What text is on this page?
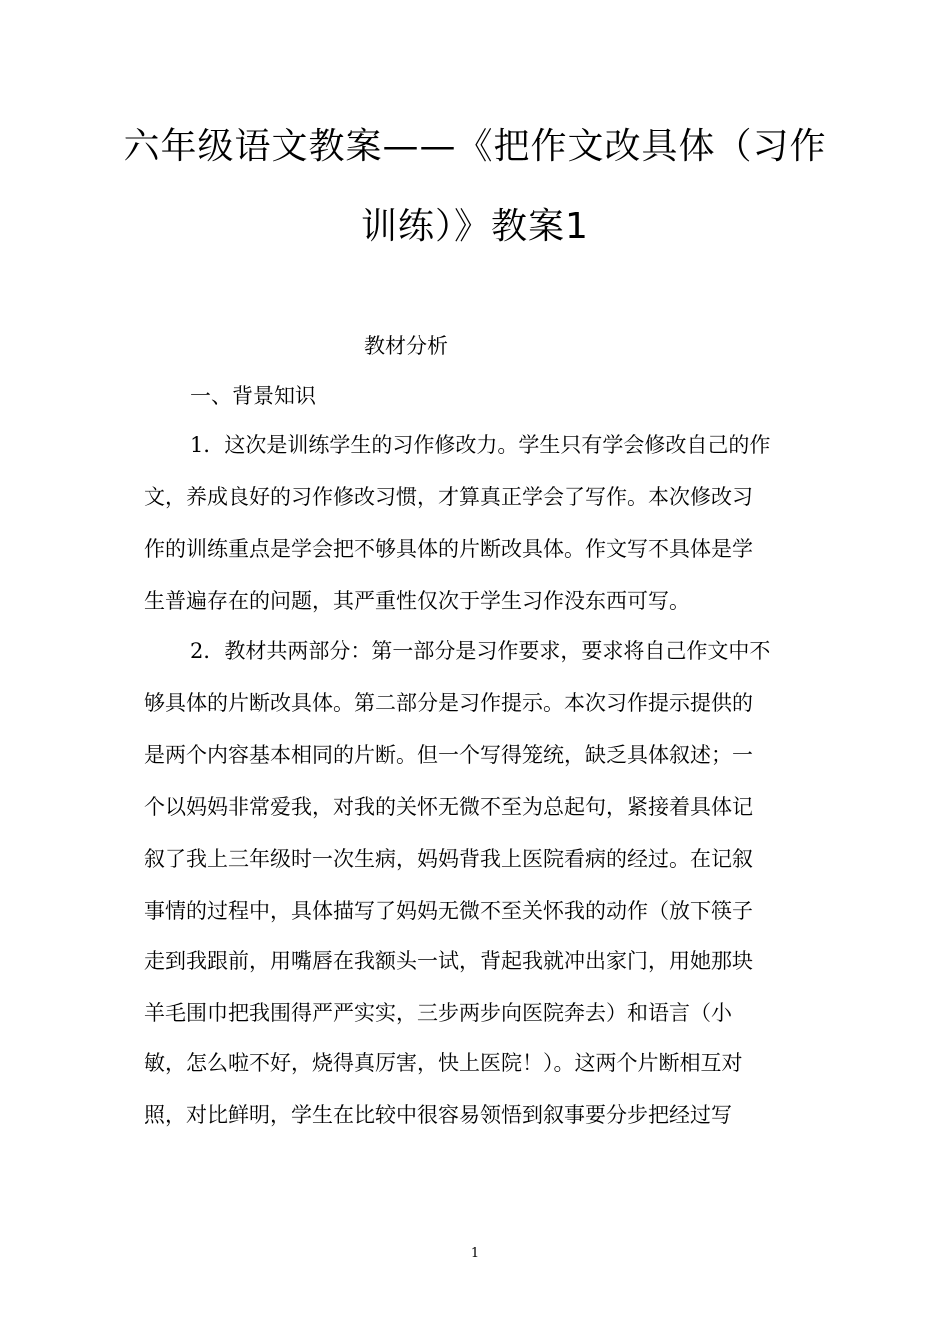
六年级语文教案——《把作文改具体（习作
训练）》教案1
教材分析
一、背景知识
1．这次是训练学生的习作修改力。学生只有学会修改自己的作
文，养成良好的习作修改习惯，才算真正学会了写作。本次修改习
作的训练重点是学会把不够具体的片断改具体。作文写不具体是学
生普遍存在的问题，其严重性仅次于学生习作没东西可写。
2．教材共两部分：第一部分是习作要求，要求将自己作文中不
够具体的片断改具体。第二部分是习作提示。本次习作提示提供的
是两个内容基本相同的片断。但一个写得笼统，缺乏具体叙述；一
个以妈妈非常爱我，对我的关怀无微不至为总起句，紧接着具体记
叙了我上三年级时一次生病，妈妈背我上医院看病的经过。在记叙
事情的过程中，具体描写了妈妈无微不至关怀我的动作（放下筷子
走到我跟前，用嘴唇在我额头一试，背起我就冲出家门，用她那块
羊毛围巾把我围得严严实实，三步两步向医院奔去）和语言（小
敏，怎么啦不好，烧得真厉害，快上医院！）。这两个片断相互对
照，对比鲜明，学生在比较中很容易领悟到叙事要分步把经过写
1
